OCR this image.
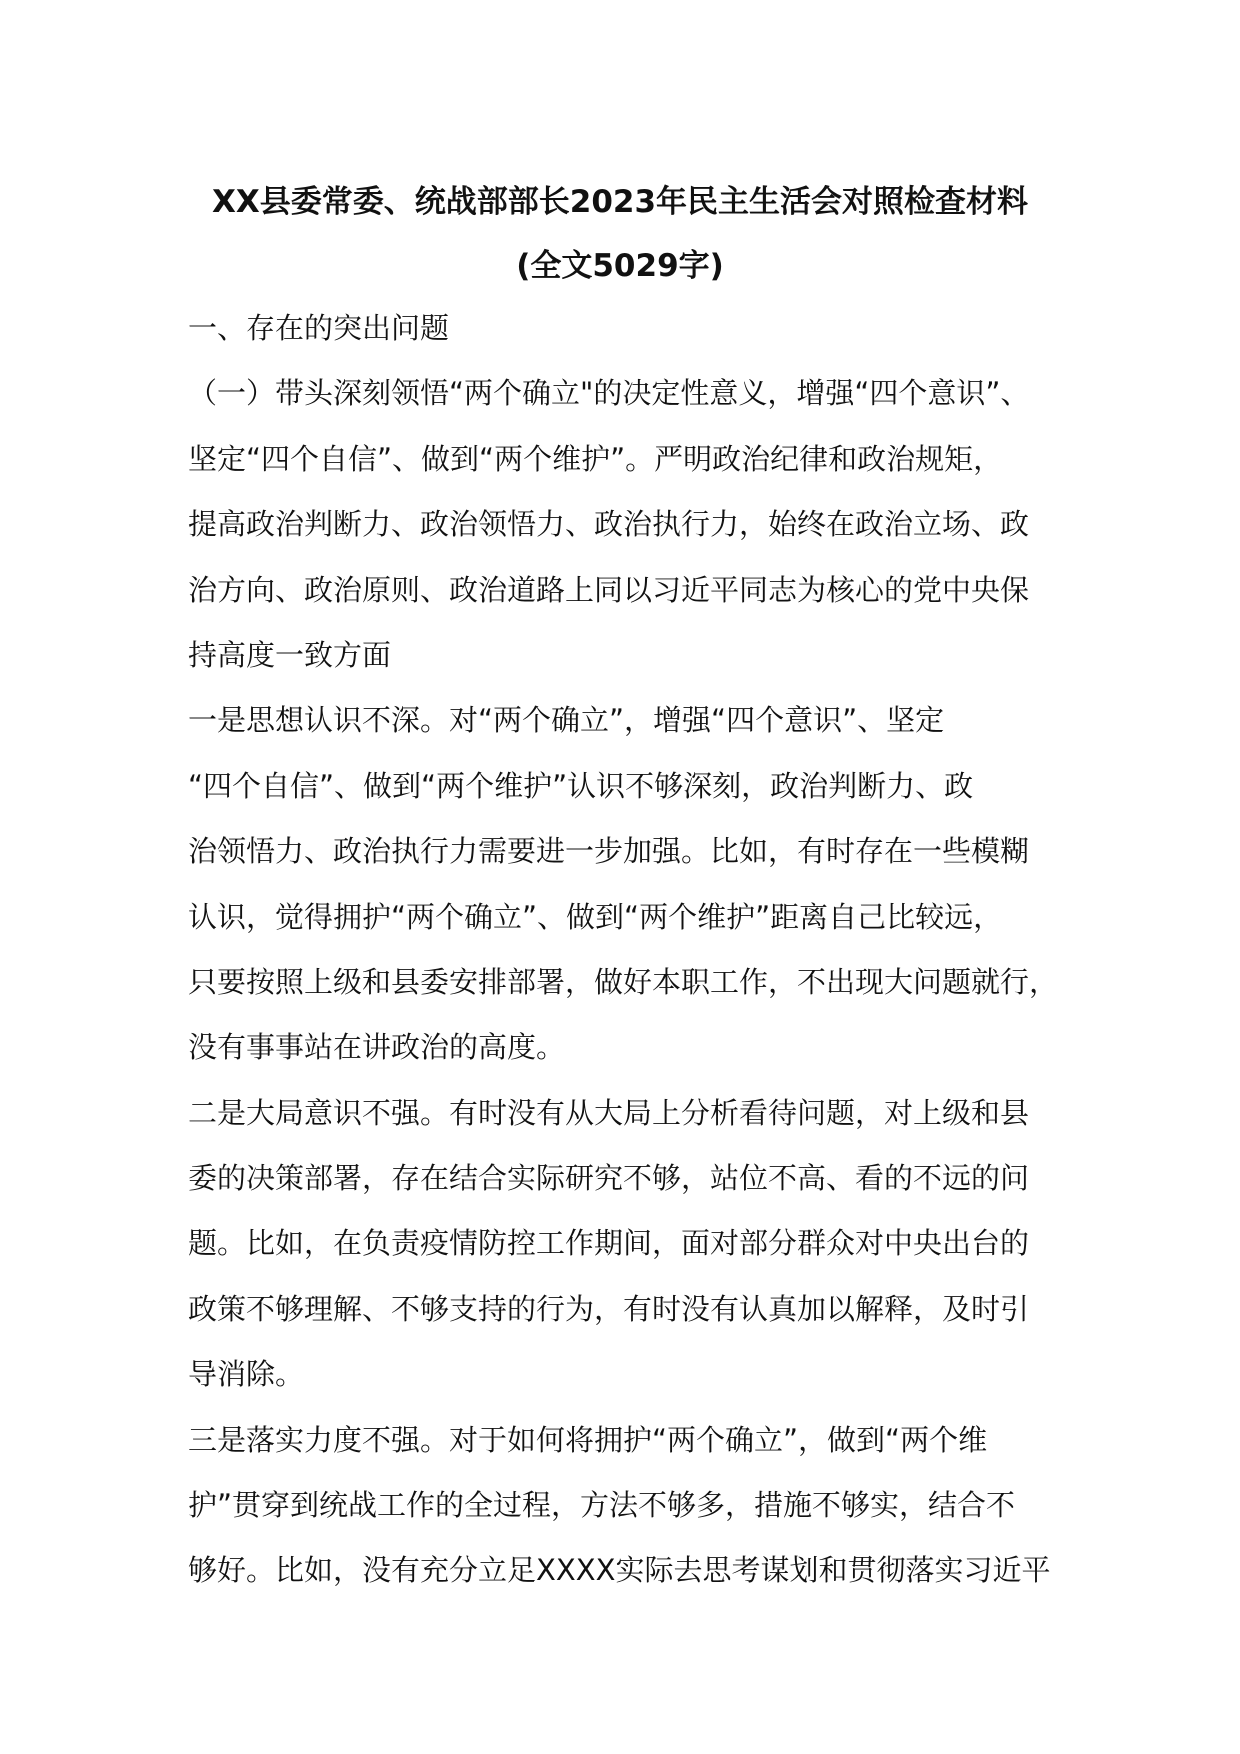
XX县委常委、统战部部长2023年民主生活会对照检查材料
(全文5029字)
一、存在的突出问题
（一）带头深刻领悟“两个确立"的决定性意义，增强“四个意识”、
坚定“四个自信”、做到“两个维护”。严明政治纪律和政治规矩，
提高政治判断力、政治领悟力、政治执行力，始终在政治立场、政
治方向、政治原则、政治道路上同以习近平同志为核心的党中央保
持高度一致方面
一是思想认识不深。对“两个确立”，增强“四个意识”、坚定
“四个自信”、做到“两个维护”认识不够深刻，政治判断力、政
治领悟力、政治执行力需要进一步加强。比如，有时存在一些模糊
认识，觉得拥护“两个确立”、做到“两个维护”距离自己比较远，
只要按照上级和县委安排部署，做好本职工作，不出现大问题就行，
没有事事站在讲政治的高度。
二是大局意识不强。有时没有从大局上分析看待问题，对上级和县
委的决策部署，存在结合实际研究不够，站位不高、看的不远的问
题。比如，在负责疫情防控工作期间，面对部分群众对中央出台的
政策不够理解、不够支持的行为，有时没有认真加以解释，及时引
导消除。
三是落实力度不强。对于如何将拥护“两个确立”，做到“两个维
护”贯穿到统战工作的全过程，方法不够多，措施不够实，结合不
够好。比如，没有充分立足XXXX实际去思考谋划和贯彻落实习近平
